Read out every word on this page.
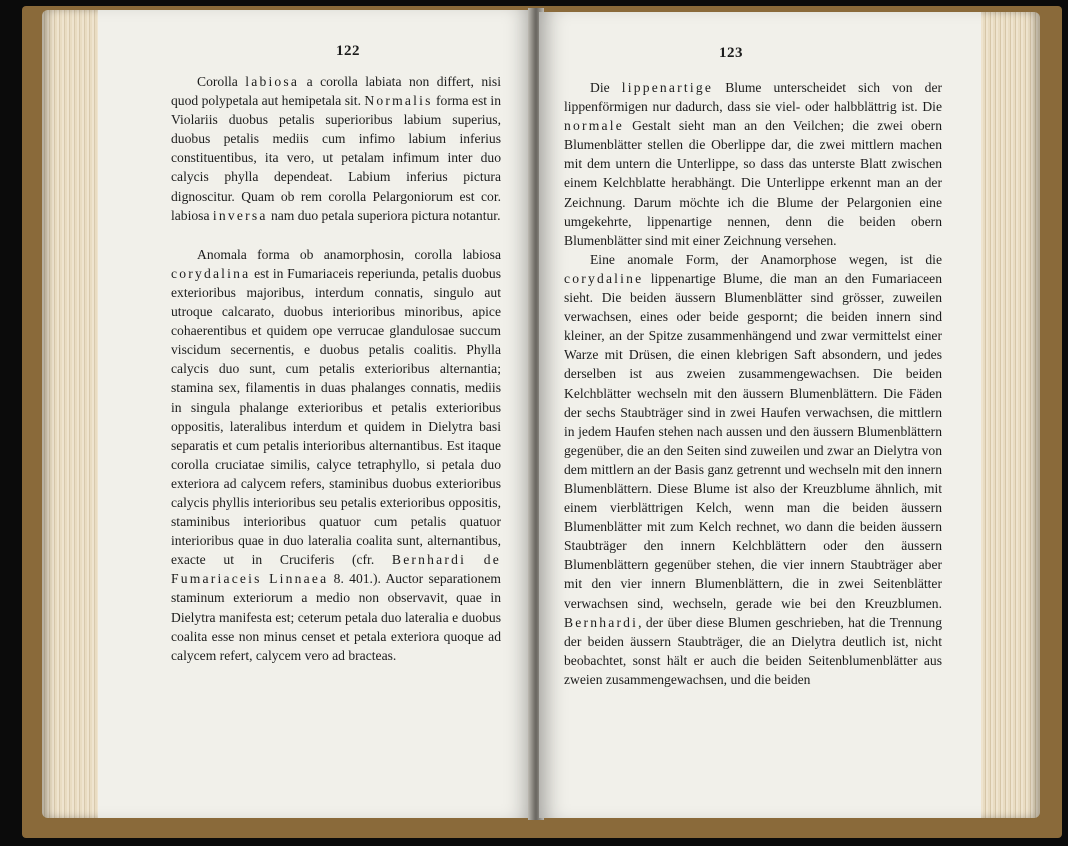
122

Corolla labiosa a corolla labiata non differt, nisi quod polypetala aut hemipetala sit. Normalis forma est in Violariis duobus petalis superioribus labium superius, duobus petalis mediis cum infimo labium inferius constituentibus, ita vero, ut petalam infimum inter duo calycis phylla dependeat. Labium inferius pictura dignoscitur. Quam ob rem corolla Pelargoniorum est cor. labiosa inversa nam duo petala superiora pictura notantur.

Anomala forma ob anamorphosin, corolla labiosa corydalina est in Fumariaceis reperiunda, petalis duobus exterioribus majoribus, interdum connatis, singulo aut utroque calcarato, duobus interioribus minoribus, apice cohaerentibus et quidem ope verrucae glandulosae succum viscidum secernentis, e duobus petalis coalitis. Phylla calycis duo sunt, cum petalis exterioribus alternantia; stamina sex, filamentis in duas phalanges connatis, mediis in singula phalange exterioribus et petalis exterioribus oppositis, lateralibus interdum et quidem in Dielytra basi separatis et cum petalis interioribus alternantibus. Est itaque corolla cruciatae similis, calyce tetraphyllo, si petala duo exteriora ad calycem refers, staminibus duobus exterioribus calycis phyllis interioribus seu petalis exterioribus oppositis, staminibus interioribus quatuor cum petalis quatuor interioribus quae in duo lateralia coalita sunt, alternantibus, exacte ut in Cruciferis (cfr. Bernhardi de Fumariaceis Linnaea 8. 401.). Auctor separationem staminum exteriorum a medio non observavit, quae in Dielytra manifesta est; ceterum petala duo lateralia e duobus coalita esse non minus censet et petala exteriora quoque ad calycem refert, calycem vero ad bracteas.

123

Die lippenartige Blume unterscheidet sich von der lippenförmigen nur dadurch, dass sie viel- oder halbblättrig ist. Die normale Gestalt sieht man an den Veilchen; die zwei obern Blumenblätter stellen die Oberlippe dar, die zwei mittlern machen mit dem untern die Unterlippe, so dass das unterste Blatt zwischen einem Kelchblatte herabhängt. Die Unterlippe erkennt man an der Zeichnung. Darum möchte ich die Blume der Pelargonien eine umgekehrte, lippenartige nennen, denn die beiden obern Blumenblätter sind mit einer Zeichnung versehen.

Eine anomale Form, der Anamorphose wegen, ist die corydaline lippenartige Blume, die man an den Fumariaceen sieht. Die beiden äussern Blumenblätter sind grösser, zuweilen verwachsen, eines oder beide gespornt; die beiden innern sind kleiner, an der Spitze zusammenhängend und zwar vermittelst einer Warze mit Drüsen, die einen klebrigen Saft absondern, und jedes derselben ist aus zweien zusammengewachsen. Die beiden Kelchblätter wechseln mit den äussern Blumenblättern. Die Fäden der sechs Staubträger sind in zwei Haufen verwachsen, die mittlern in jedem Haufen stehen nach aussen und den äussern Blumenblättern gegenüber, die an den Seiten sind zuweilen und zwar an Dielytra von dem mittlern an der Basis ganz getrennt und wechseln mit den innern Blumenblättern. Diese Blume ist also der Kreuzblume ähnlich, mit einem vierblättrigen Kelch, wenn man die beiden äussern Blumenblätter mit zum Kelch rechnet, wo dann die beiden äussern Staubträger den innern Kelchblättern oder den äussern Blumenblättern gegenüber stehen, die vier innern Staubträger aber mit den vier innern Blumenblättern, die in zwei Seitenblätter verwachsen sind, wechseln, gerade wie bei den Kreuzblumen. Bernhardi, der über diese Blumen geschrieben, hat die Trennung der beiden äussern Staubträger, die an Dielytra deutlich ist, nicht beobachtet, sonst hält er auch die beiden Seitenblumenblätter aus zweien zusammengewachsen, und die beiden
